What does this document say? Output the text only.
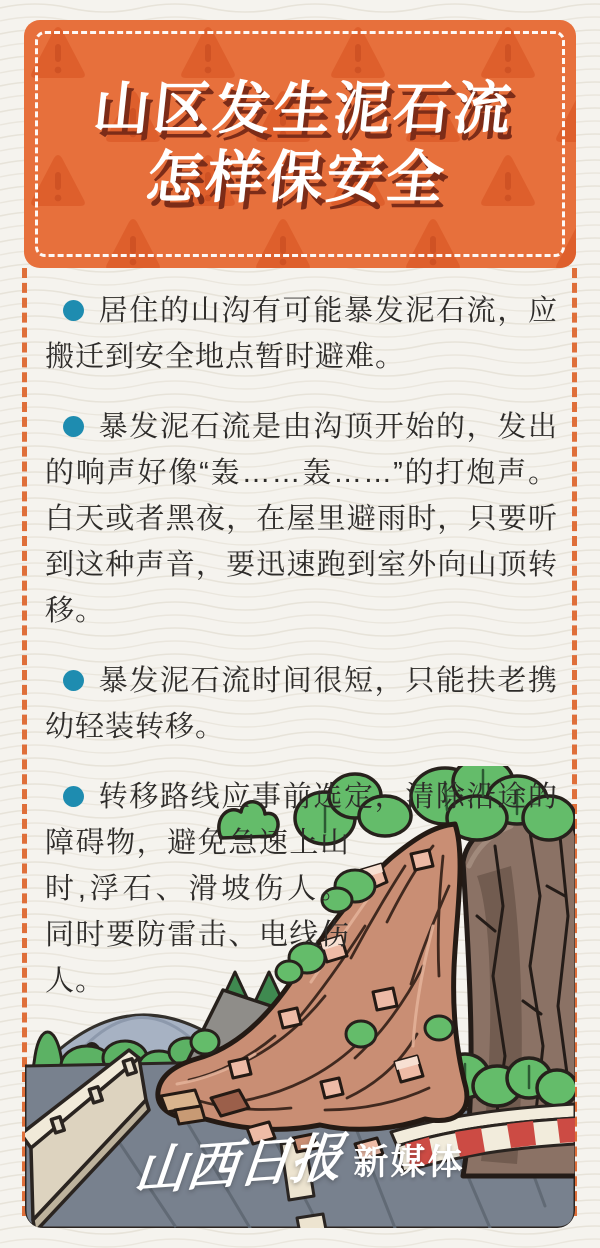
山区发生泥石流
怎样保安全

居住的山沟有可能暴发泥石流，应搬迁到安全地点暂时避难。

暴发泥石流是由沟顶开始的，发出的响声好像“轰……轰……”的打炮声。白天或者黑夜，在屋里避雨时，只要听到这种声音，要迅速跑到室外向山顶转移。

暴发泥石流时间很短，只能扶老携幼轻装转移。

转移路线应事前选定，清除沿途的障碍物，避免急速上山时,浮石、滑坡伤人。同时要防雷击、电线伤人。

山西日报 新媒体
